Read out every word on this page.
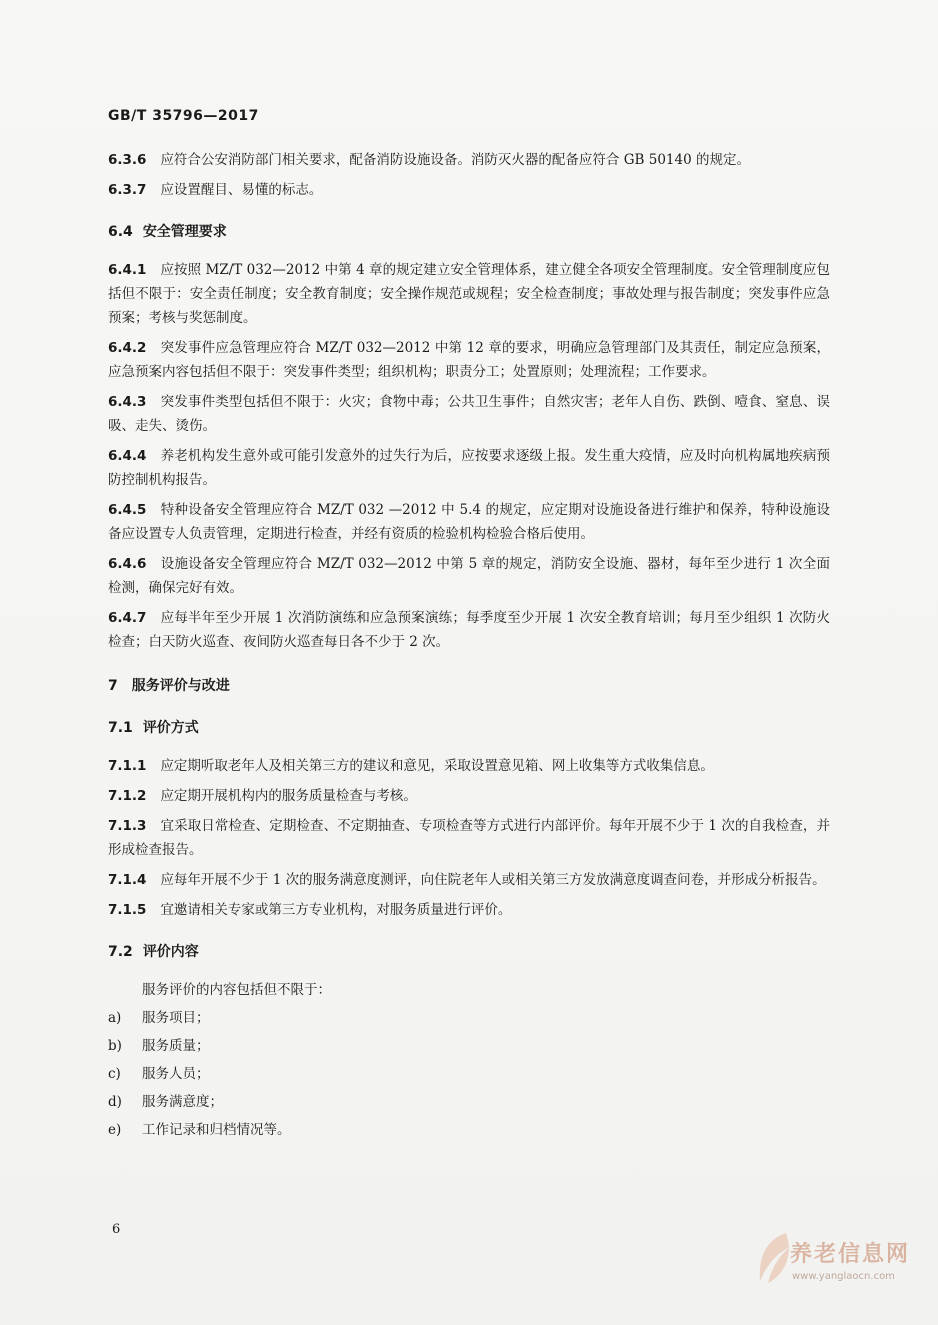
GB/T 35796—2017

6.3.6 应符合公安消防部门相关要求，配备消防设施设备。消防灭火器的配备应符合 GB 50140 的规定。

6.3.7 应设置醒目、易懂的标志。

6.4 安全管理要求

6.4.1 应按照 MZ/T 032—2012 中第 4 章的规定建立安全管理体系，建立健全各项安全管理制度。安全管理制度应包括但不限于：安全责任制度；安全教育制度；安全操作规范或规程；安全检查制度；事故处理与报告制度；突发事件应急预案；考核与奖惩制度。

6.4.2 突发事件应急管理应符合 MZ/T 032—2012 中第 12 章的要求，明确应急管理部门及其责任，制定应急预案，应急预案内容包括但不限于：突发事件类型；组织机构；职责分工；处置原则；处理流程；工作要求。

6.4.3 突发事件类型包括但不限于：火灾；食物中毒；公共卫生事件；自然灾害；老年人自伤、跌倒、噎食、窒息、误吸、走失、烫伤。

6.4.4 养老机构发生意外或可能引发意外的过失行为后，应按要求逐级上报。发生重大疫情，应及时向机构属地疾病预防控制机构报告。

6.4.5 特种设备安全管理应符合 MZ/T 032 —2012 中 5.4 的规定，应定期对设施设备进行维护和保养，特种设施设备应设置专人负责管理，定期进行检查，并经有资质的检验机构检验合格后使用。

6.4.6 设施设备安全管理应符合 MZ/T 032—2012 中第 5 章的规定，消防安全设施、器材，每年至少进行 1 次全面检测，确保完好有效。

6.4.7 应每半年至少开展 1 次消防演练和应急预案演练；每季度至少开展 1 次安全教育培训；每月至少组织 1 次防火检查；白天防火巡查、夜间防火巡查每日各不少于 2 次。

7 服务评价与改进
7.1 评价方式

7.1.1 应定期听取老年人及相关第三方的建议和意见，采取设置意见箱、网上收集等方式收集信息。

7.1.2 应定期开展机构内的服务质量检查与考核。

7.1.3 宜采取日常检查、定期检查、不定期抽查、专项检查等方式进行内部评价。每年开展不少于 1 次的自我检查，并形成检查报告。

7.1.4 应每年开展不少于 1 次的服务满意度测评，向住院老年人或相关第三方发放满意度调查问卷，并形成分析报告。

7.1.5 宜邀请相关专家或第三方专业机构，对服务质量进行评价。

7.2 评价内容

服务评价的内容包括但不限于：

a) 服务项目；
b) 服务质量；
c) 服务人员；
d) 服务满意度；
e) 工作记录和归档情况等。
6
养老信息网
www.yanglaocn.com
